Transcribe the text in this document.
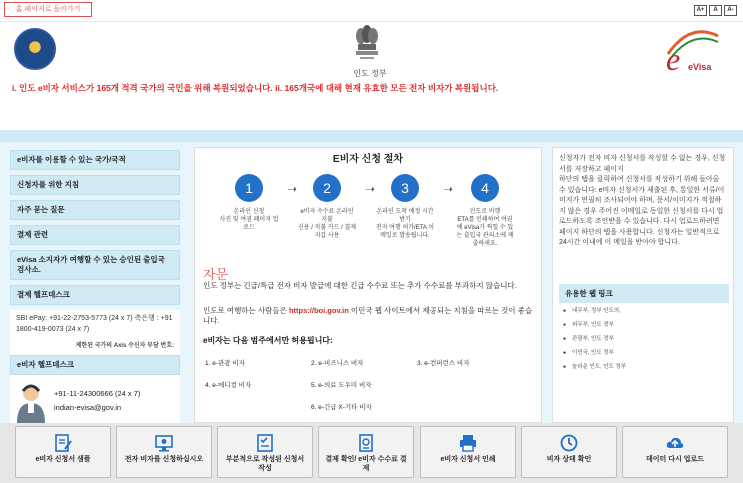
홈 페이지로 돌아가기	A+	A	A-
인도 정부	e eVisa
i. 인도 e비자 서비스가 165개 적격 국가의 국민을 위해 복원되었습니다. ii. 165개국에 대해 현재 유효한 모든 전자 비자가 복원됩니다.
e비자를 이용할 수 있는 국가/국적
신청자를 위한 지침
자주 묻는 질문
결제 관련
eVisa 소지자가 여행할 수 있는 승인된 출입국 검사소.
결제 헬프데스크
SBI ePay: +91-22-2753-5773 (24 x 7) 축은행 : +91 1800-419-0073 (24 x 7)
제한된 국가의 Axis 수신자 부담 번호:
e비자 헬프데스크
+91-11-24300666 (24 x 7)
indian-evisa@gov.in
E비자 신청 절차
1
온라인 신청
사진 및 여권 페이지 업로드
➝	2
e비자 수수료 온라인 지불
신용 / 직불 카드 / 결제 지갑 사용
➝	3
온라인 도착 예정 시간 받기
전자 여행 허가/ETA 이메일로 발송됩니다.
➝	4
인도로 비행
ETA를 인쇄하여 여권에 eVisa가 찍힐 수 있는 출입국 관리소에 제출하세요.
자문
인도 정부는 긴급/특급 전자 비자 발급에 대한 긴급 수수료 또는 추가 수수료를 부과하지 않습니다.
인도로 여행하는 사람들은 https://boi.gov.in 이민국 웹 사이트에서 제공되는 지침을 따르는 것이 좋습니다.
e비자는 다음 범주에서만 허용됩니다:
1. e-관광 비자	2. e-비즈니스 비자	3. e-컨퍼런스 비자
4. e-메디컬 비자	5. e-의료 도우미 비자
6. e-긴급 X-기타 비자
신청자가 전자 비자 신청서를 작성할 수 없는 경우, 신청서를 저장하고 페이지
하단의 탭을 클릭하여 신청서를 작성하기 위해 돌아올 수 있습니다: e비자 신청서가 제출된 후, 통일한 서류/이미지가 연필히 조사되어야 하며, 문서/이미지가 적절하지 않은 경우 주어진 이메일로 동일한 신청서를 다시 업로드하도록 조언받을 수 있습니다. 다시 업로드하려면 페이지 하단의 탭을 사용합니다. 신청자는 일반적으로 24시간 이내에 이 메일을 받아야 합니다.
유용한 웹 링크
● 내무부, 정부 인도의,
● 외무부, 인도 정부
● 관광부, 인도 정부
● 이민국, 인도 정부
● 놀라운 인도, 인도 정부
e비자 신청서 샘플	전자 비자를 신청하십시오	부분적으로 작성된 신청서 작성
결제 확인/ e비자 수수료 결제
e비자 신청서 인쇄	비자 상태 확인	데이터 다시 업로드
